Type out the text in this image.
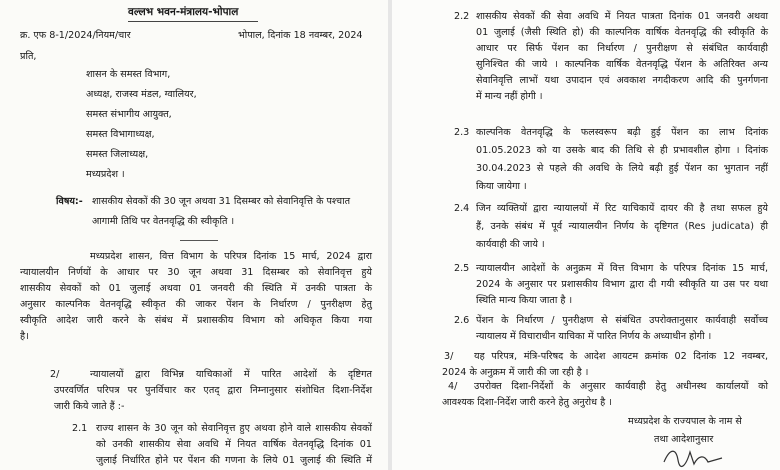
वल्लभ भवन-मंत्रालय-भोपाल
क्र. एफ 8-1/2024/नियम/चार	भोपाल, दिनांक 18 नवम्बर, 2024
प्रति,
शासन के समस्त विभाग,
अध्यक्ष, राजस्व मंडल, ग्वालियर,
समस्त संभागीय आयुक्त,
समस्त विभागाध्यक्ष,
समस्त जिलाध्यक्ष,
मध्यप्रदेश ।
विषय:- शासकीय सेवकों की 30 जून अथवा 31 दिसम्बर को सेवानिवृत्ति के पश्चात
आगामी तिथि पर वेतनवृद्धि की स्वीकृति ।
मध्यप्रदेश शासन, वित्त विभाग के परिपत्र दिनांक 15 मार्च, 2024 द्वारा
न्यायालयीन निर्णयों के आधार पर 30 जून अथवा 31 दिसम्बर को सेवानिवृत्त हुये
शासकीय सेवकों को 01 जुलाई अथवा 01 जनवरी की स्थिति में उनकी पात्रता के
अनुसार काल्पनिक वेतनवृद्धि स्वीकृत की जाकर पेंशन के निर्धारण / पुनरीक्षण हेतु
स्वीकृति आदेश जारी करने के संबंध में प्रशासकीय विभाग को अधिकृत किया गया
है।
2/	न्यायालयों द्वारा विभिन्न याचिकाओं में पारित आदेशों के दृष्टिगत
उपरवर्णित परिपत्र पर पुनर्विचार कर एतद् द्वारा निम्नानुसार संशोधित दिशा-निर्देश
जारी किये जाते हैं :-
2.1 राज्य शासन के 30 जून को सेवानिवृत्त हुए अथवा होने वाले शासकीय सेवकों
को उनकी शासकीय सेवा अवधि में नियत वार्षिक वेतनवृद्धि दिनांक 01
जुलाई निर्धारित होने पर पेंशन की गणना के लिये 01 जुलाई की स्थिति में
2.2 शासकीय सेवकों की सेवा अवधि में नियत पात्रता दिनांक 01 जनवरी अथवा
01 जुलाई (जैसी स्थिति हो) की काल्पनिक वार्षिक वेतनवृद्धि की स्वीकृति के
आधार पर सिर्फ पेंशन का निर्धारण / पुनरीक्षण से संबंधित कार्यवाही
सुनिश्चित की जाये । काल्पनिक वार्षिक वेतनवृद्धि पेंशन के अतिरिक्त अन्य
सेवानिवृत्ति लाभों यथा उपादान एवं अवकाश नगदीकरण आदि की पुनर्गणना
में मान्य नहीं होगी ।
2.3 काल्पनिक वेतनवृद्धि के फलस्वरूप बढ़ी हुई पेंशन का लाभ दिनांक
01.05.2023 को या उसके बाद की तिथि से ही प्रभावशील होगा । दिनांक
30.04.2023 से पहले की अवधि के लिये बढ़ी हुई पेंशन का भुगतान नहीं
किया जायेगा ।
2.4 जिन व्यक्तियों द्वारा न्यायालयों में रिट याचिकायें दायर की है तथा सफल हुये
हैं, उनके संबंध में पूर्व न्यायालयीन निर्णय के दृष्टिगत (Res judicata) ही
कार्यवाही की जाये ।
2.5 न्यायालयीन आदेशों के अनुक्रम में वित्त विभाग के परिपत्र दिनांक 15 मार्च,
2024 के अनुसार पर प्रशासकीय विभाग द्वारा दी गयी स्वीकृति या उस पर यथा
स्थिति मान्य किया जाता है ।
2.6 पेंशन के निर्धारण / पुनरीक्षण से संबंधित उपरोक्तानुसार कार्यवाही सर्वोच्च
न्यायालय में विचाराधीन याचिका में पारित निर्णय के अध्याधीन होगी ।
3/ यह परिपत्र, मंत्रि-परिषद के आदेश आयटम क्रमांक 02 दिनांक 12 नवम्बर,
2024 के अनुक्रम में जारी की जा रही है ।
4/ उपरोक्त दिशा-निर्देशों के अनुसार कार्यवाही हेतु अधीनस्थ कार्यालयों को
आवश्यक दिशा-निर्देश जारी करने हेतु अनुरोध है ।
मध्यप्रदेश के राज्यपाल के नाम से
तथा आदेशानुसार
